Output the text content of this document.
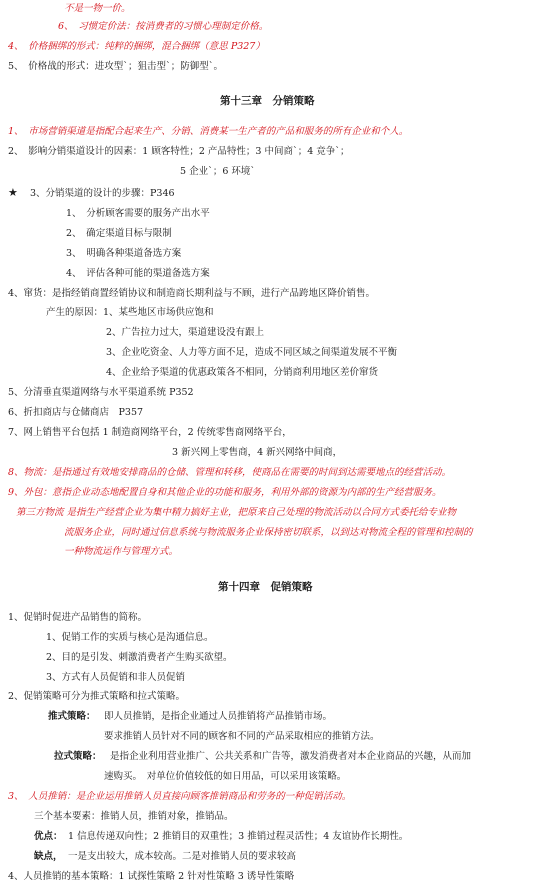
不是一物一价。
6、　习惯定价法：按消费者的习惯心理制定价格。
4、　价格捆绑的形式：纯粹的捆绑，混合捆绑（意思 P327）
5、　价格战的形式：进攻型`；狙击型`；防御型`。
第十三章　分销策略
1、　市场营销渠道是指配合起来生产、分销、消费某一生产者的产品和服务的所有企业和个人。
2、　影响分销渠道设计的因素：1 顾客特性；2 产品特性；3 中间商`；4 竞争`；
5 企业`；6 环境`
★ 3、分销渠道的设计的步骤：P346
1、　分析顾客需要的服务产出水平
2、　确定渠道目标与限制
3、　明确各种渠道备选方案
4、　评估各种可能的渠道备选方案
4、窜货：是指经销商置经销协议和制造商长期利益与不顾，进行产品跨地区降价销售。
产生的原因：1、某些地区市场供应饱和
2、广告拉力过大，渠道建设没有跟上
3、企业吃资金、人力等方面不足，造成不同区域之间渠道发展不平衡
4、企业给予渠道的优惠政策各不相同，分销商利用地区差价窜货
5、分清垂直渠道网络与水平渠道系统 P352
6、折扣商店与仓储商店　P357
7、网上销售平台包括 1 制造商网络平台，2 传统零售商网络平台，
3 新兴网上零售商，4 新兴网络中间商，
8、物流：是指通过有效地安排商品的仓储、管理和转移，使商品在需要的时间到达需要地点的经营活动。
9、外包：意指企业动态地配置自身和其他企业的功能和服务，利用外部的资源为内部的生产经营服务。
第三方物流 是指生产经营企业为集中精力搞好主业，把原来自己处理的物流活动以合同方式委托给专业物
流服务企业，同时通过信息系统与物流服务企业保持密切联系，以到达对物流全程的管理和控制的
一种物流运作与管理方式。
第十四章　促销策略
1、促销时促进产品销售的简称。
1、促销工作的实质与核心是沟通信息。
2、目的是引发、刺激消费者产生购买欲望。
3、方式有人员促销和非人员促销
2、促销策略可分为推式策略和拉式策略。
推式策略： 即人员推销，是指企业通过人员推销将产品推销市场。
要求推销人员针对不同的顾客和不同的产品采取相应的推销方法。
拉式策略： 是指企业利用营业推广、公共关系和广告等，激发消费者对本企业商品的兴趣，从而加
速购买。　对单位价值较低的如日用品，可以采用该策略。
3、　人员推销：是企业运用推销人员直接向顾客推销商品和劳务的一种促销活动。
三个基本要素：推销人员，推销对象，推销品。
优点： 1 信息传递双向性；2 推销目的双重性；3 推销过程灵活性；4 友谊协作长期性。
缺点， 一是支出较大，成本较高。二是对推销人员的要求较高
4、人员推销的基本策略：1 试探性策略 2 针对性策略 3 诱导性策略
